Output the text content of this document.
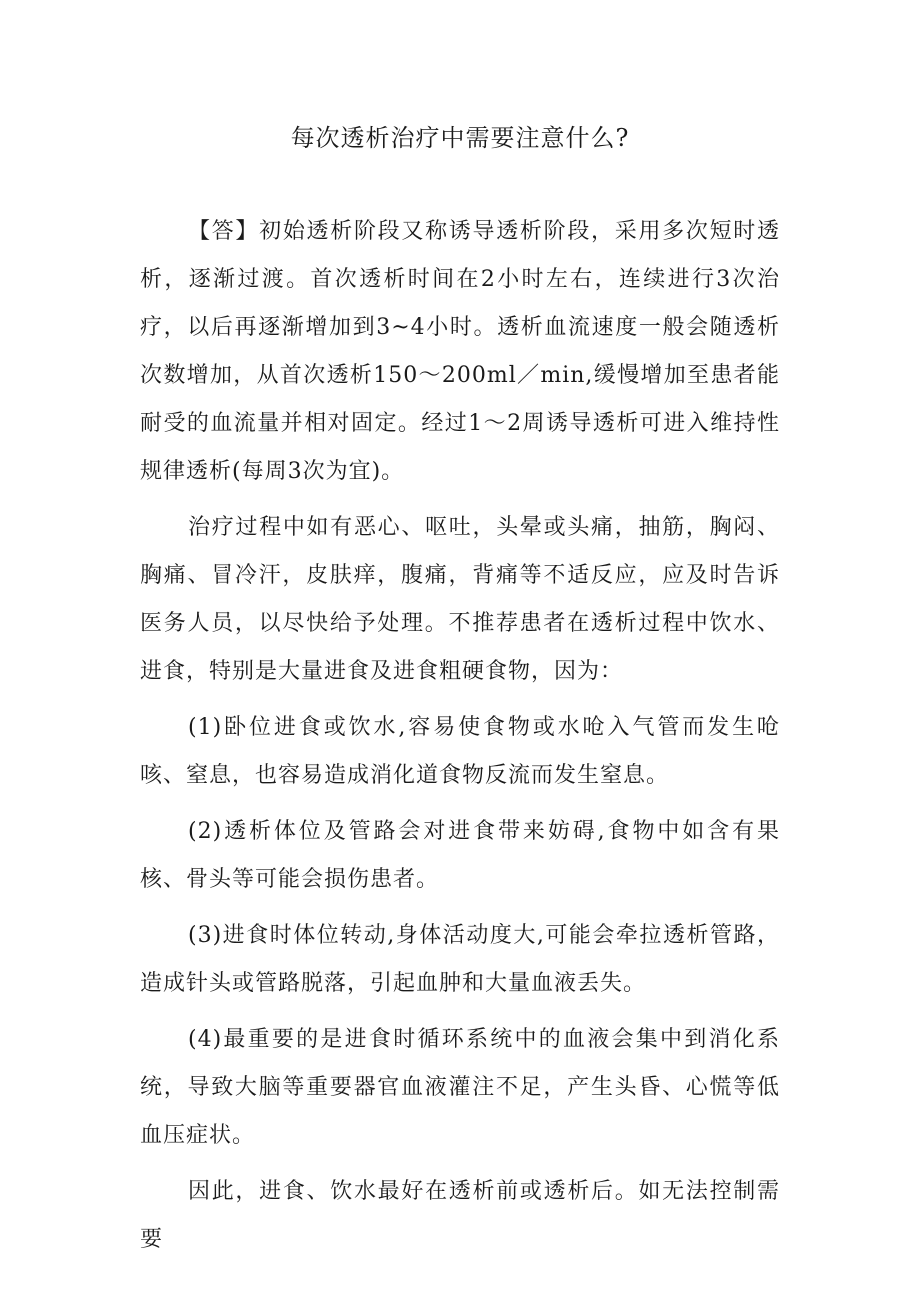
每次透析治疗中需要注意什么?

【答】初始透析阶段又称诱导透析阶段，采用多次短时透析，逐渐过渡。首次透析时间在2小时左右，连续进行3次治疗，以后再逐渐增加到3~4小时。透析血流速度一般会随透析次数增加，从首次透析150～200ml／min,缓慢增加至患者能耐受的血流量并相对固定。经过1～2周诱导透析可进入维持性规律透析(每周3次为宜)。

治疗过程中如有恶心、呕吐，头晕或头痛，抽筋，胸闷、胸痛、冒冷汗，皮肤痒，腹痛，背痛等不适反应，应及时告诉医务人员，以尽快给予处理。不推荐患者在透析过程中饮水、进食，特别是大量进食及进食粗硬食物，因为：

(1)卧位进食或饮水,容易使食物或水呛入气管而发生呛咳、窒息，也容易造成消化道食物反流而发生窒息。

(2)透析体位及管路会对进食带来妨碍,食物中如含有果核、骨头等可能会损伤患者。

(3)进食时体位转动,身体活动度大,可能会牵拉透析管路，造成针头或管路脱落，引起血肿和大量血液丢失。

(4)最重要的是进食时循环系统中的血液会集中到消化系统，导致大脑等重要器官血液灌注不足，产生头昏、心慌等低血压症状。

因此，进食、饮水最好在透析前或透析后。如无法控制需要
